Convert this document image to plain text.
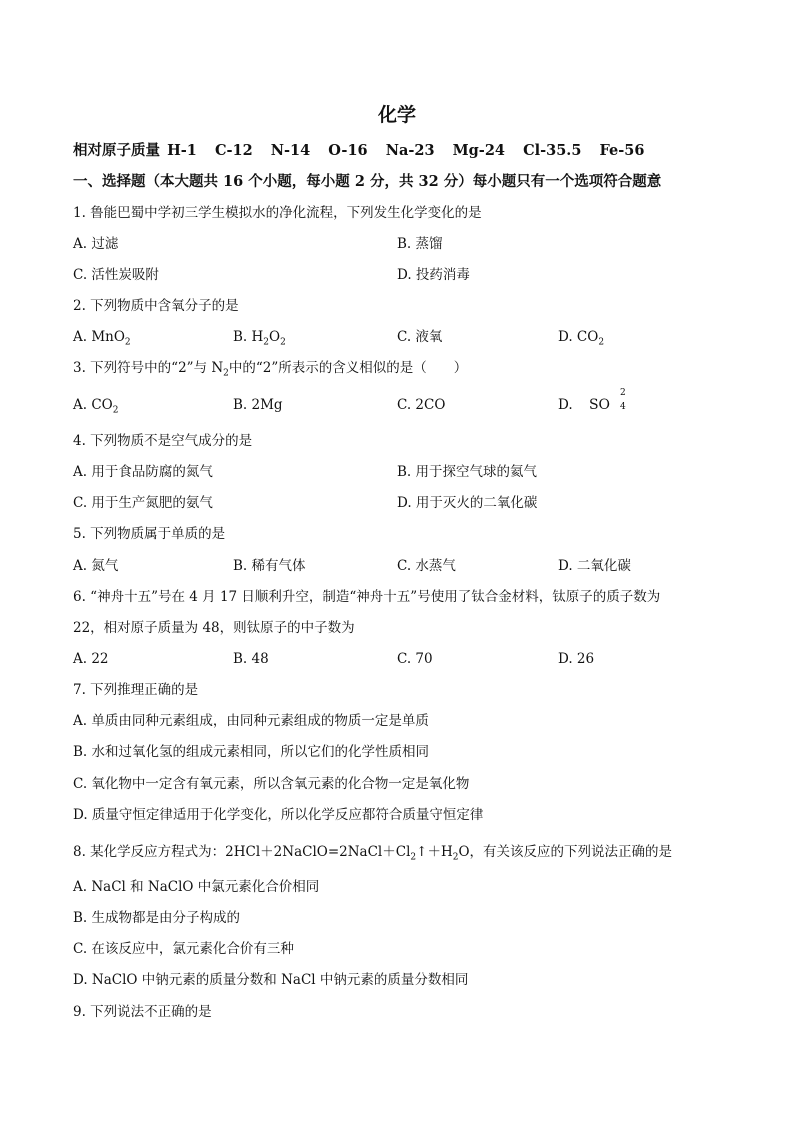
化学
相对原子质量 H-1 C-12 N-14 O-16 Na-23 Mg-24 Cl-35.5 Fe-56
一、选择题（本大题共 16 个小题，每小题 2 分，共 32 分）每小题只有一个选项符合题意
1. 鲁能巴蜀中学初三学生模拟水的净化流程，下列发生化学变化的是
A. 过滤	B. 蒸馏
C. 活性炭吸附	D. 投药消毒
2. 下列物质中含氧分子的是
A. MnO$_2$	B. $H_2O_2$	C. 液氧	D. $CO_2$
3. 下列符号中的“2”与 $N_2$中的“2”所表示的含义相似的是（　　）
A. $CO_2$	B. 2Mg	C. 2CO	D. SO
2
4
4. 下列物质不是空气成分的是
A. 用于食品防腐的氮气	B. 用于探空气球的氦气
C. 用于生产氮肥的氨气	D. 用于灭火的二氧化碳
5. 下列物质属于单质的是
A. 氮气	B. 稀有气体	C. 水蒸气	D. 二氧化碳
6. “神舟十五”号在 4 月 17 日顺利升空，制造“神舟十五”号使用了钛合金材料，钛原子的质子数为
22，相对原子质量为 48，则钛原子的中子数为
A. 22	B. 48	C. 70	D. 26
7. 下列推理正确的是
A. 单质由同种元素组成，由同种元素组成的物质一定是单质
B. 水和过氧化氢的组成元素相同，所以它们的化学性质相同
C. 氧化物中一定含有氧元素，所以含氧元素的化合物一定是氧化物
D. 质量守恒定律适用于化学变化，所以化学反应都符合质量守恒定律
8. 某化学反应方程式为：$2HCl+2NaClO=2NaCl+Cl_2↑+H_2O$，有关该反应的下列说法正确的是
A. NaCl 和 NaClO 中氯元素化合价相同
B. 生成物都是由分子构成的
C. 在该反应中，氯元素化合价有三种
D. NaClO 中钠元素的质量分数和 NaCl 中钠元素的质量分数相同
9. 下列说法不正确的是
